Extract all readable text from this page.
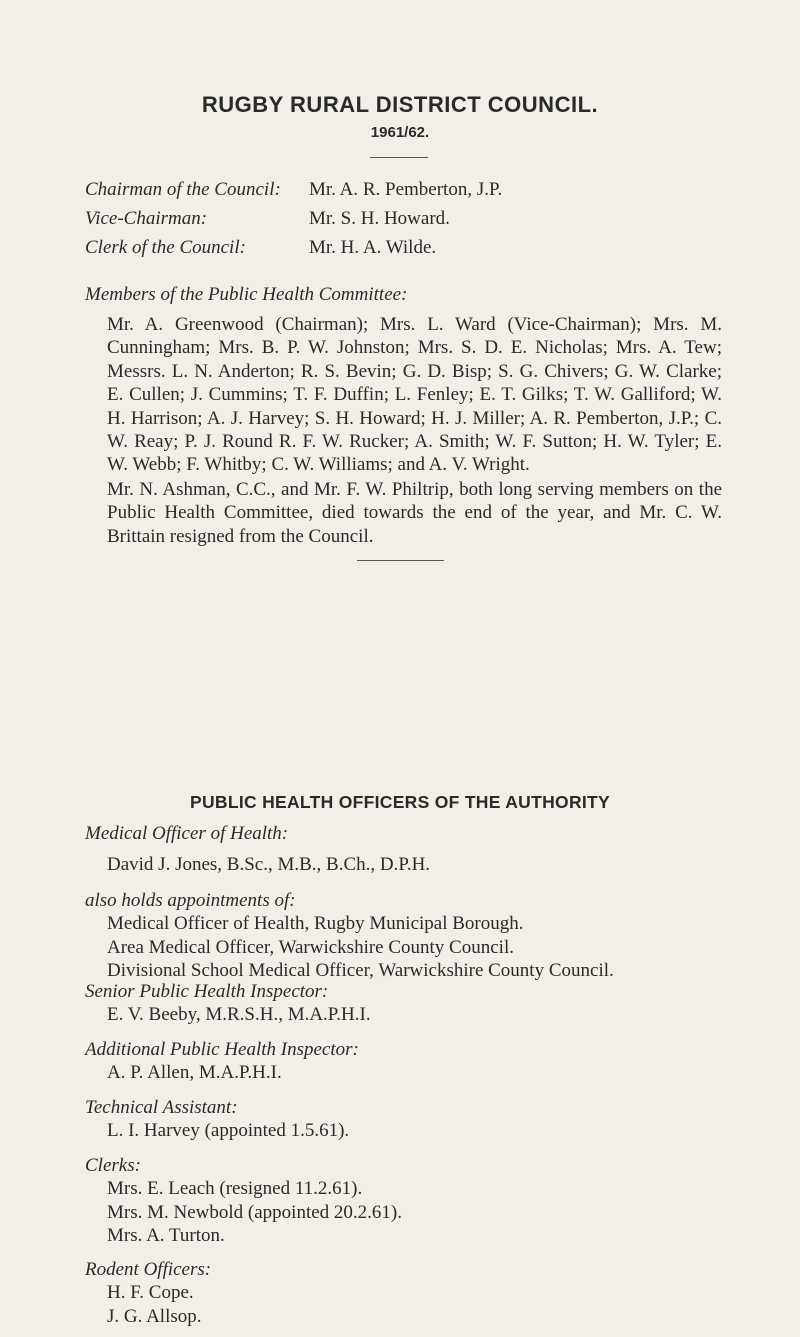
RUGBY RURAL DISTRICT COUNCIL.
1961/62.
Chairman of the Council: Mr. A. R. Pemberton, J.P.
Vice-Chairman:	Mr. S. H. Howard.
Clerk of the Council:	Mr. H. A. Wilde.
Members of the Public Health Committee:
Mr. A. Greenwood (Chairman); Mrs. L. Ward (Vice-Chairman); Mrs. M. Cunningham; Mrs. B. P. W. Johnston; Mrs. S. D. E. Nicholas; Mrs. A. Tew; Messrs. L. N. Anderton; R. S. Bevin; G. D. Bisp; S. G. Chivers; G. W. Clarke; E. Cullen; J. Cummins; T. F. Duffin; L. Fenley; E. T. Gilks; T. W. Galliford; W. H. Harrison; A. J. Harvey; S. H. Howard; H. J. Miller; A. R. Pemberton, J.P.; C. W. Reay; P. J. Round R. F. W. Rucker; A. Smith; W. F. Sutton; H. W. Tyler; E. W. Webb; F. Whitby; C. W. Williams; and A. V. Wright.
Mr. N. Ashman, C.C., and Mr. F. W. Philtrip, both long serving members on the Public Health Committee, died towards the end of the year, and Mr. C. W. Brittain resigned from the Council.
PUBLIC HEALTH OFFICERS OF THE AUTHORITY
Medical Officer of Health:
David J. Jones, B.Sc., M.B., B.Ch., D.P.H.
also holds appointments of:
Medical Officer of Health, Rugby Municipal Borough.
Area Medical Officer, Warwickshire County Council.
Divisional School Medical Officer, Warwickshire County Council.
Senior Public Health Inspector:
E. V. Beeby, M.R.S.H., M.A.P.H.I.
Additional Public Health Inspector:
A. P. Allen, M.A.P.H.I.
Technical Assistant:
L. I. Harvey (appointed 1.5.61).
Clerks:
Mrs. E. Leach (resigned 11.2.61).
Mrs. M. Newbold (appointed 20.2.61).
Mrs. A. Turton.
Rodent Officers:
H. F. Cope.
J. G. Allsop.
